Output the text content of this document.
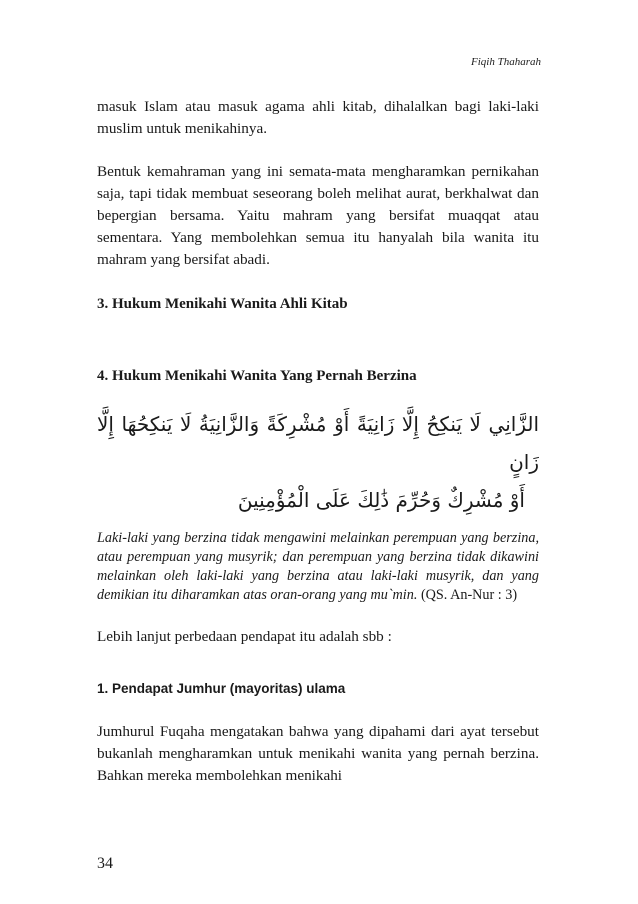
Fiqih Thaharah

masuk Islam atau masuk agama ahli kitab, dihalalkan bagi laki-laki muslim untuk menikahinya.

Bentuk kemahraman yang ini semata-mata mengharamkan pernikahan saja, tapi tidak membuat seseorang boleh melihat aurat, berkhalwat dan bepergian bersama. Yaitu mahram yang bersifat muaqqat atau sementara. Yang membolehkan semua itu hanyalah bila wanita itu mahram yang bersifat abadi.

3. Hukum Menikahi Wanita Ahli Kitab
4. Hukum Menikahi Wanita Yang Pernah Berzina
الزَّانِي لَا يَنكِحُ إِلَّا زَانِيَةً أَوْ مُشْرِكَةً وَالزَّانِيَةُ لَا يَنكِحُهَا إِلَّا زَانٍ
أَوْ مُشْرِكٌ وَحُرِّمَ ذَٰلِكَ عَلَى الْمُؤْمِنِينَ

Laki-laki yang berzina tidak mengawini melainkan perempuan yang berzina, atau perempuan yang musyrik; dan perempuan yang berzina tidak dikawini melainkan oleh laki-laki yang berzina atau laki-laki musyrik, dan yang demikian itu diharamkan atas oran-orang yang mu`min. (QS. An-Nur : 3)

Lebih lanjut perbedaan pendapat itu adalah sbb :

1. Pendapat Jumhur (mayoritas) ulama

Jumhurul Fuqaha mengatakan bahwa yang dipahami dari ayat tersebut bukanlah mengharamkan untuk menikahi wanita yang pernah berzina. Bahkan mereka membolehkan menikahi

34
